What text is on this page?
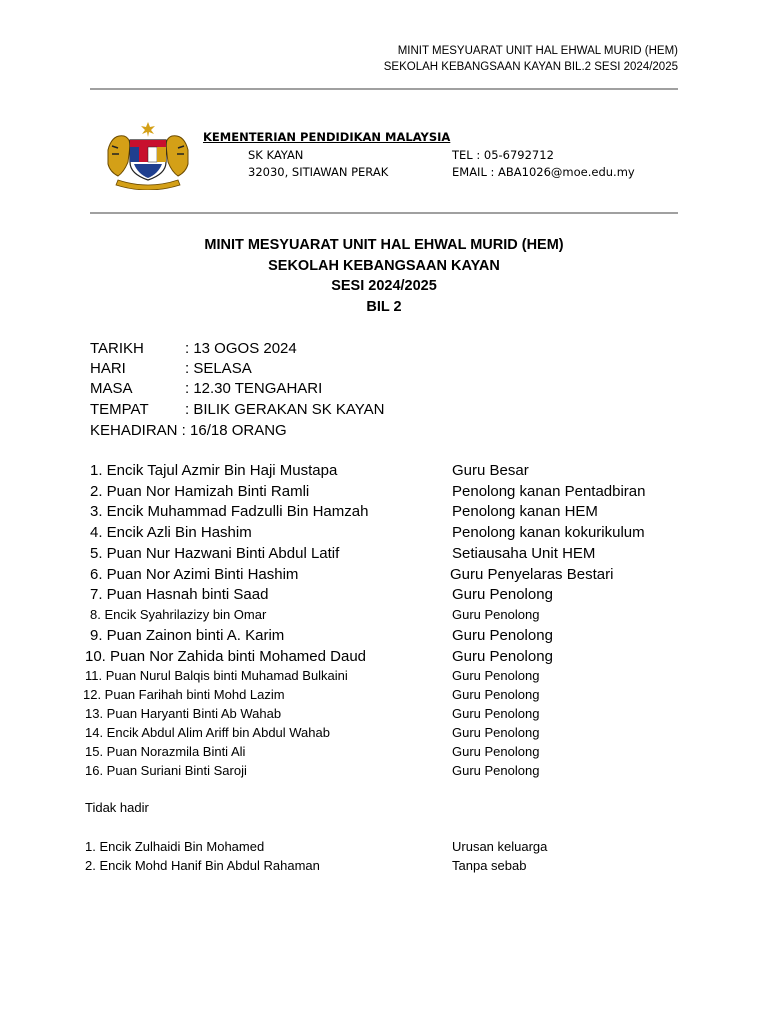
MINIT MESYUARAT UNIT HAL EHWAL MURID (HEM)
SEKOLAH KEBANGSAAN KAYAN BIL.2 SESI 2024/2025
KEMENTERIAN PENDIDIKAN MALAYSIA
SK KAYAN
32030, SITIAWAN PERAK
TEL : 05-6792712
EMAIL : ABA1026@moe.edu.my
MINIT MESYUARAT UNIT HAL EHWAL MURID (HEM)
SEKOLAH KEBANGSAAN KAYAN
SESI 2024/2025
BIL 2
TARIKH	: 13 OGOS 2024
HARI	: SELASA
MASA	: 12.30 TENGAHARI
TEMPAT : BILIK GERAKAN SK KAYAN
KEHADIRAN : 16/18 ORANG
1. Encik Tajul Azmir Bin Haji Mustapa	Guru Besar
2. Puan Nor Hamizah Binti Ramli	Penolong kanan Pentadbiran
3. Encik Muhammad Fadzulli Bin Hamzah	Penolong kanan HEM
4. Encik Azli Bin Hashim	Penolong kanan kokurikulum
5. Puan Nur Hazwani Binti Abdul Latif	Setiausaha Unit HEM
6. Puan Nor Azimi Binti Hashim	Guru Penyelaras Bestari
7. Puan Hasnah binti Saad	Guru Penolong
8. Encik Syahrilazizy bin Omar	Guru Penolong
9. Puan Zainon binti A. Karim	Guru Penolong
10. Puan Nor Zahida binti Mohamed Daud	Guru Penolong
11. Puan Nurul Balqis binti Muhamad Bulkaini	Guru Penolong
12. Puan Farihah binti Mohd Lazim	Guru Penolong
13. Puan Haryanti Binti Ab Wahab	Guru Penolong
14. Encik Abdul Alim Ariff bin Abdul Wahab	Guru Penolong
15. Puan Norazmila Binti Ali	Guru Penolong
16. Puan Suriani Binti Saroji	Guru Penolong
Tidak hadir
1. Encik Zulhaidi Bin Mohamed	Urusan keluarga
2. Encik Mohd Hanif Bin Abdul Rahaman	Tanpa sebab
